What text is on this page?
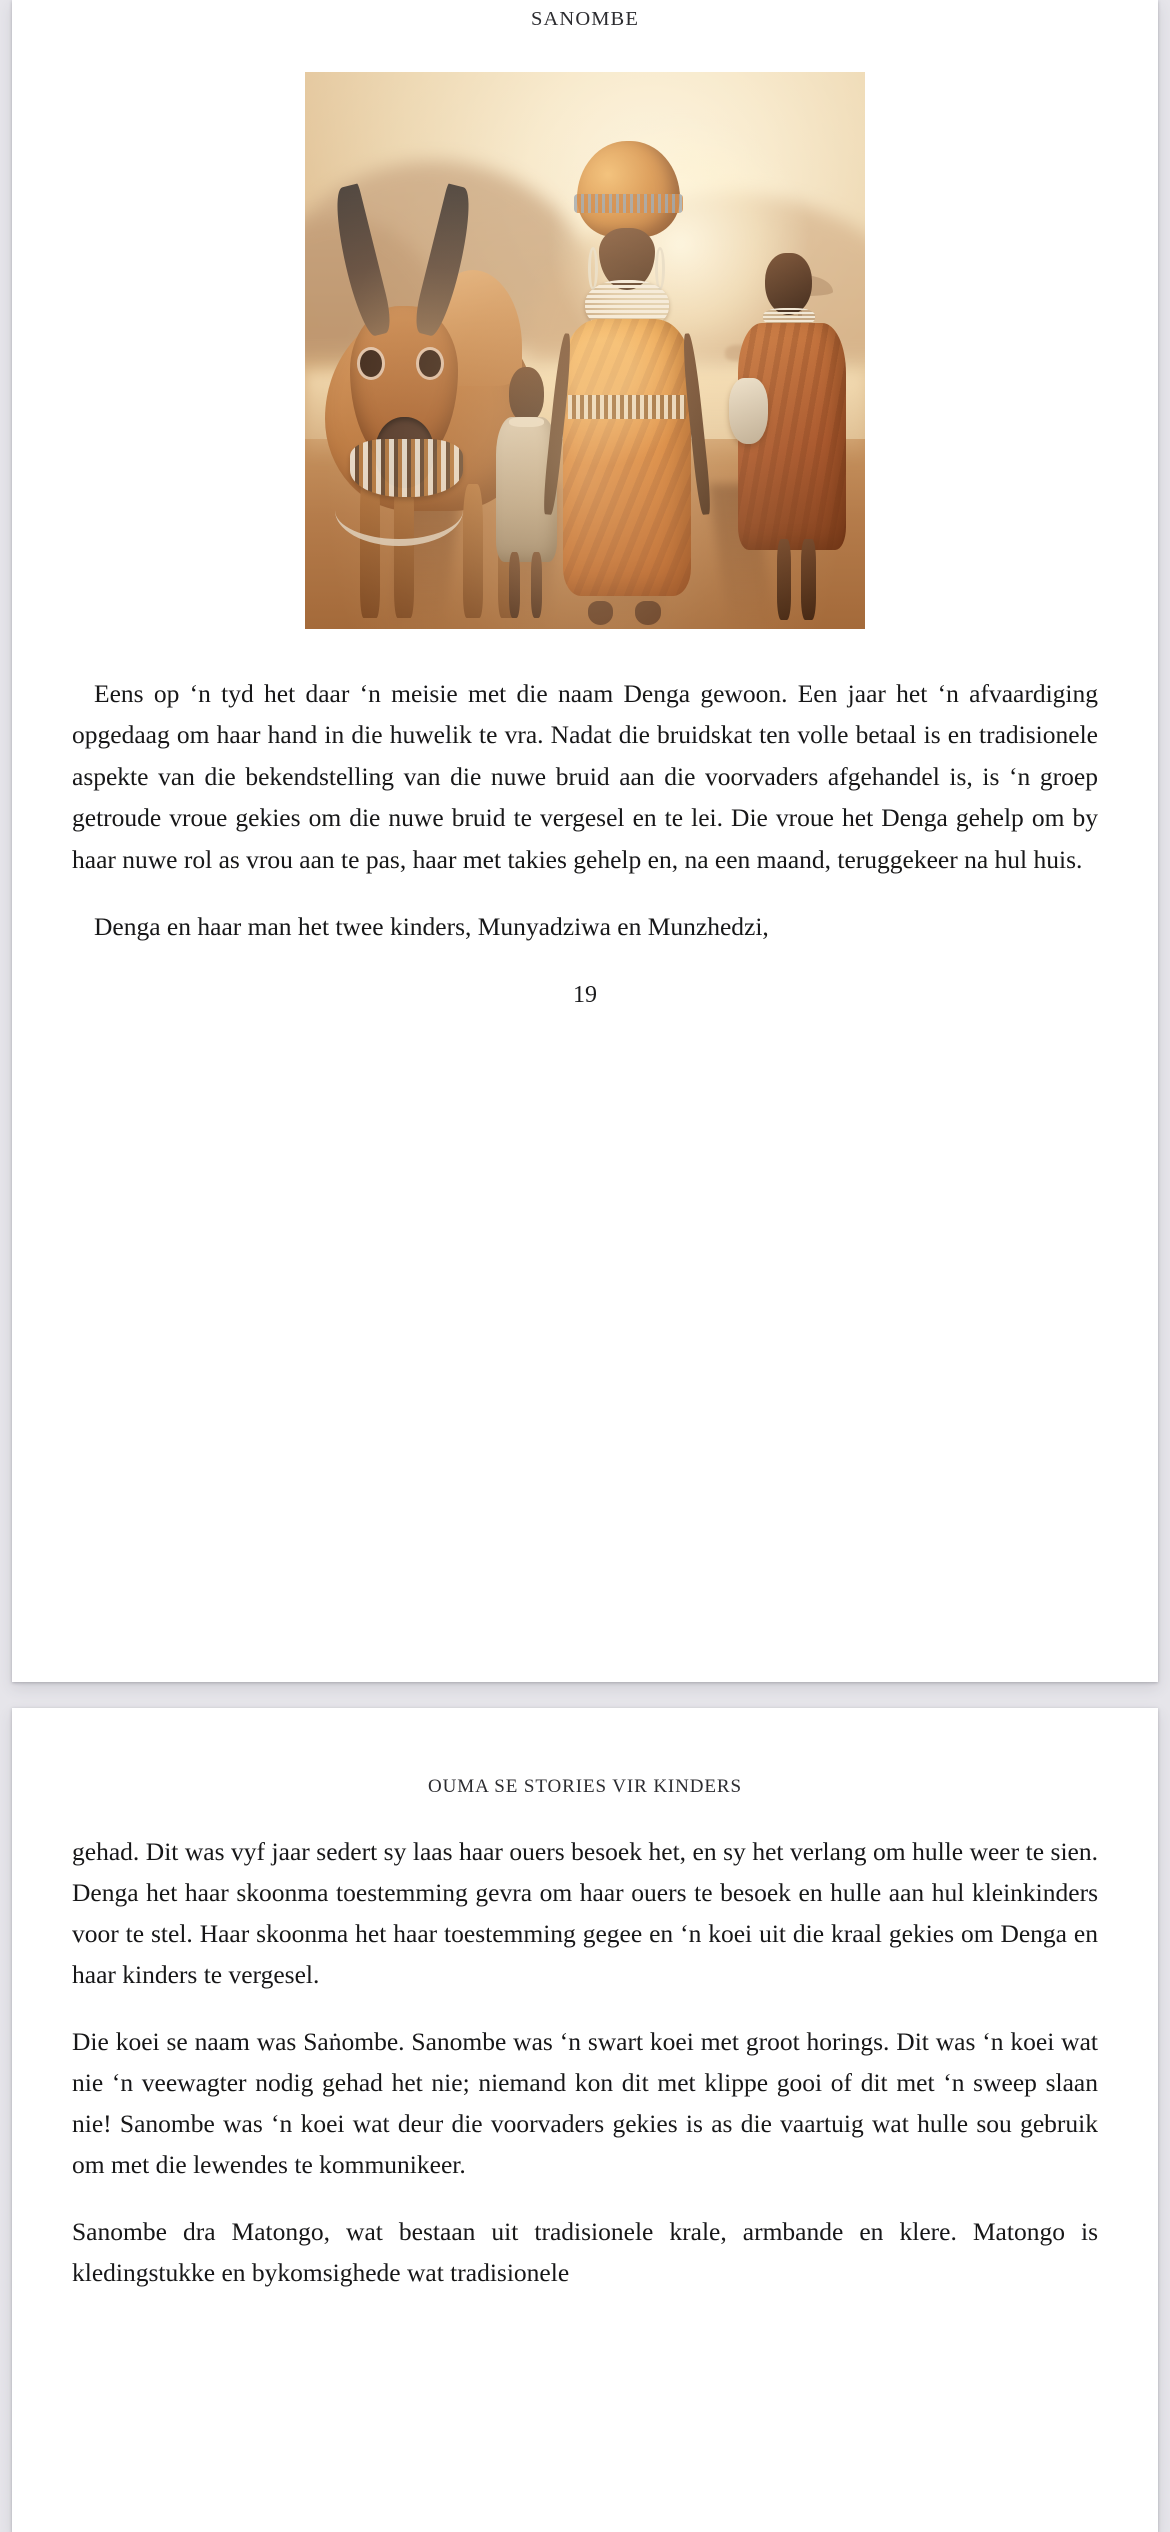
SANOMBE

Eens op ‘n tyd het daar ‘n meisie met die naam Denga gewoon. Een jaar het ‘n afvaardiging opgedaag om haar hand in die huwelik te vra. Nadat die bruidskat ten volle betaal is en tradisionele aspekte van die bekendstelling van die nuwe bruid aan die voorvaders afgehandel is, is ‘n groep getroude vroue gekies om die nuwe bruid te vergesel en te lei. Die vroue het Denga gehelp om by haar nuwe rol as vrou aan te pas, haar met takies gehelp en, na een maand, teruggekeer na hul huis.

Denga en haar man het twee kinders, Munyadziwa en Munzhedzi,

19
OUMA SE STORIES VIR KINDERS

gehad. Dit was vyf jaar sedert sy laas haar ouers besoek het, en sy het verlang om hulle weer te sien. Denga het haar skoonma toestemming gevra om haar ouers te besoek en hulle aan hul kleinkinders voor te stel. Haar skoonma het haar toestemming gegee en ‘n koei uit die kraal gekies om Denga en haar kinders te vergesel.

Die koei se naam was Saṅombe. Sanombe was ‘n swart koei met groot horings. Dit was ‘n koei wat nie ‘n veewagter nodig gehad het nie; niemand kon dit met klippe gooi of dit met ‘n sweep slaan nie! Sanombe was ‘n koei wat deur die voorvaders gekies is as die vaartuig wat hulle sou gebruik om met die lewendes te kommunikeer.

Sanombe dra Matongo, wat bestaan uit tradisionele krale, armbande en klere. Matongo is kledingstukke en bykomsighede wat tradisionele
